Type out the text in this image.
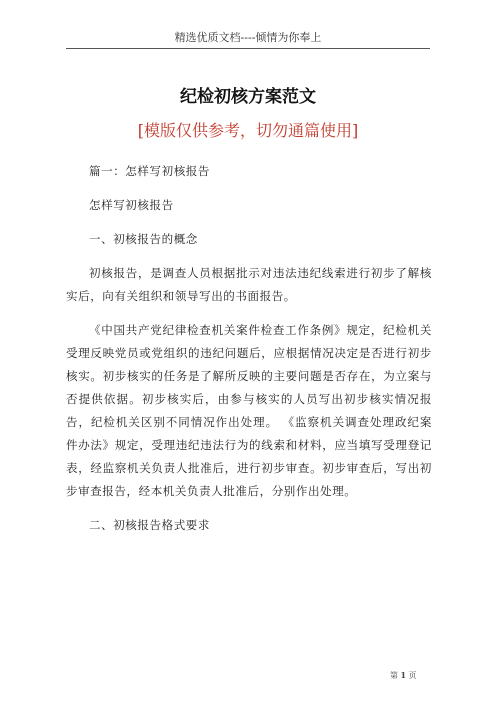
精选优质文档----倾情为你奉上
纪检初核方案范文
[模版仅供参考，切勿通篇使用]

篇一：怎样写初核报告

怎样写初核报告

一、初核报告的概念

初核报告，是调查人员根据批示对违法违纪线索进行初步了解核实后，向有关组织和领导写出的书面报告。

《中国共产党纪律检查机关案件检查工作条例》规定，纪检机关受理反映党员或党组织的违纪问题后，应根据情况决定是否进行初步核实。初步核实的任务是了解所反映的主要问题是否存在，为立案与否提供依据。初步核实后，由参与核实的人员写出初步核实情况报告，纪检机关区别不同情况作出处理。 《监察机关调查处理政纪案件办法》规定，受理违纪违法行为的线索和材料，应当填写受理登记表，经监察机关负责人批准后，进行初步审查。初步审查后，写出初步审查报告，经本机关负责人批准后，分别作出处理。

二、初核报告格式要求

第 1 页
